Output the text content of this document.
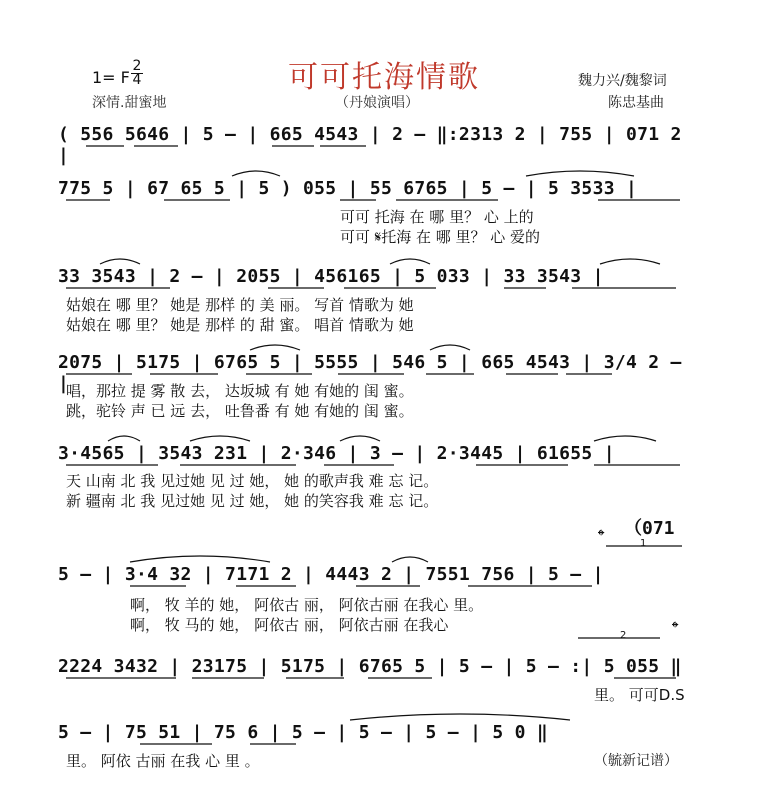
可可托海情歌
1= F
2
4
深情.甜蜜地	（丹娘演唱）
魏力兴/魏黎词
陈忠基曲
( 556 5646 | 5 – | 665 4543 | 2 – ‖:2313 2 | 755 | 071 2 |
775 5 | 67 65 5 | 5 ) 055 | 55 6765 | 5 – | 5 3533 |
可可 托海 在 哪 里？ 心 上的
可可 𝄋托海 在 哪 里？ 心 爱的
33 3543 | 2 – | 2055 | 456165 | 5 033 | 33 3543 |
姑娘在 哪 里？ 她是 那样 的 美 丽。 写首 情歌为 她
姑娘在 哪 里？ 她是 那样 的 甜 蜜。 唱首 情歌为 她
2075 | 5175 | 6765 5 | 5555 | 546 5 | 665 4543 | 3/4 2 – |
唱，那拉 提 雾 散 去， 达坂城 有 她 有她的 闺 蜜。
跳，驼铃 声 已 远 去， 吐鲁番 有 她 有她的 闺 蜜。
3·4565 | 3543 231 | 2·346 | 3 – | 2·3445 | 61655 |
天 山南 北 我 见过她 见 过 她， 她 的歌声我 难 忘 记。
新 疆南 北 我 见过她 见 过 她， 她 的笑容我 难 忘 记。
（071
𝄌	1
5 – | 3·4 32 | 7171 2 | 4443 2 | 7551 756 | 5 – |
啊， 牧 羊的 她， 阿依古 丽， 阿依古丽 在我心 里。
啊， 牧 马的 她， 阿依古 丽， 阿依古丽 在我心
2	𝄌
2224 3432 | 23175 | 5175 | 6765 5 | 5 – | 5 – :| 5 055 ‖
里。 可可D.S
5 – | 75 51 | 75 6 | 5 – | 5 – | 5 – | 5 0 ‖
里。 阿依 古丽 在我 心 里 。	（毓新记谱）
